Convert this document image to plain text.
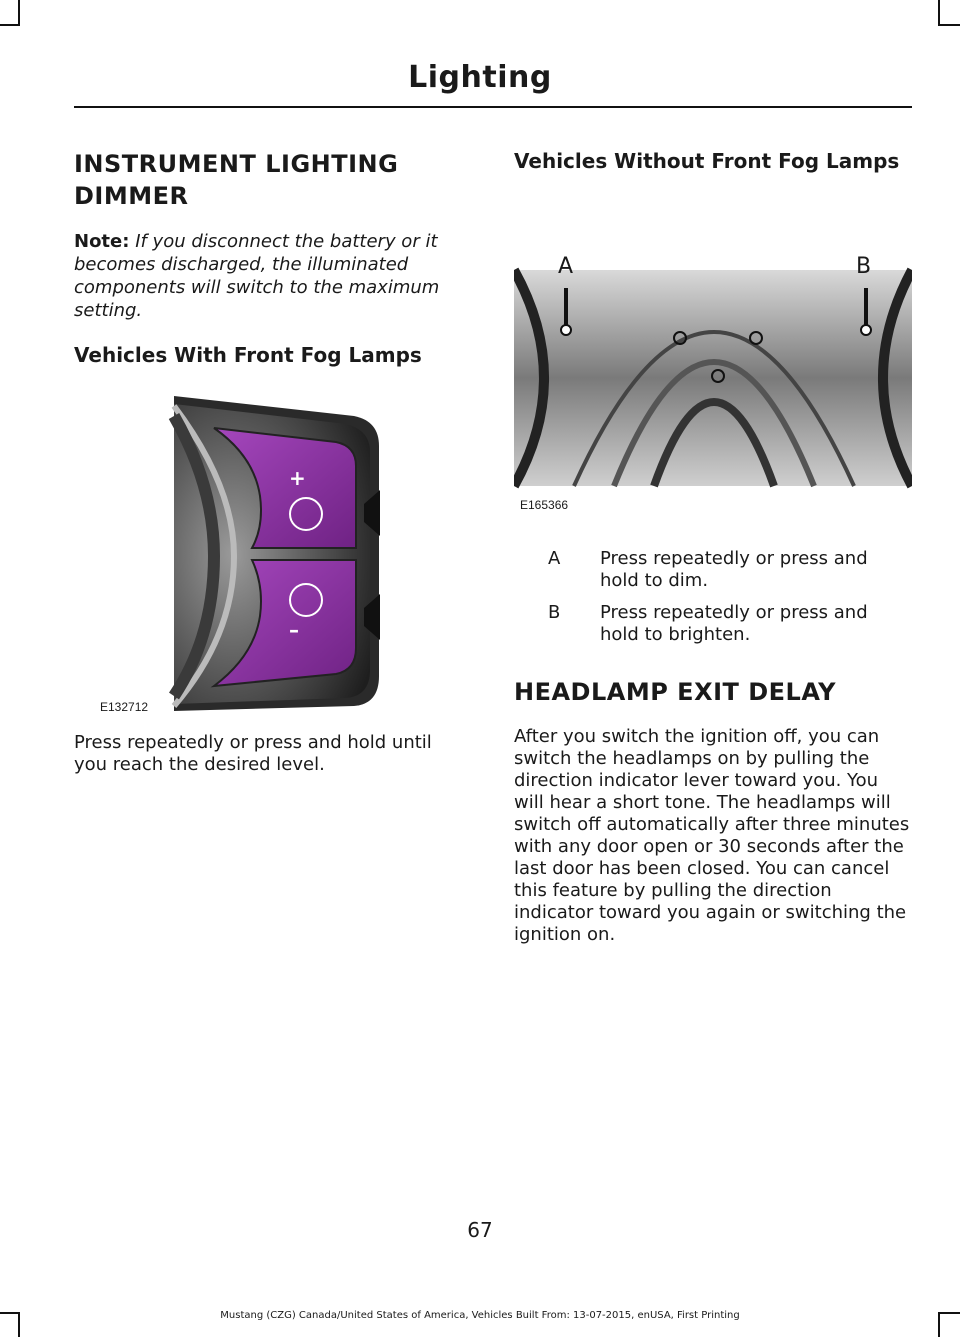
Lighting
INSTRUMENT LIGHTING DIMMER

Note: If you disconnect the battery or it becomes discharged, the illuminated components will switch to the maximum setting.

Vehicles With Front Fog Lamps
+
–
E132712

Press repeatedly or press and hold until you reach the desired level.

Vehicles Without Front Fog Lamps
A	B
E165366
A	Press repeatedly or press and hold to dim.
B	Press repeatedly or press and hold to brighten.
HEADLAMP EXIT DELAY

After you switch the ignition off, you can switch the headlamps on by pulling the direction indicator lever toward you. You will hear a short tone. The headlamps will switch off automatically after three minutes with any door open or 30 seconds after the last door has been closed. You can cancel this feature by pulling the direction indicator toward you again or switching the ignition on.

67
Mustang (CZG) Canada/United States of America, Vehicles Built From: 13-07-2015, enUSA, First Printing
